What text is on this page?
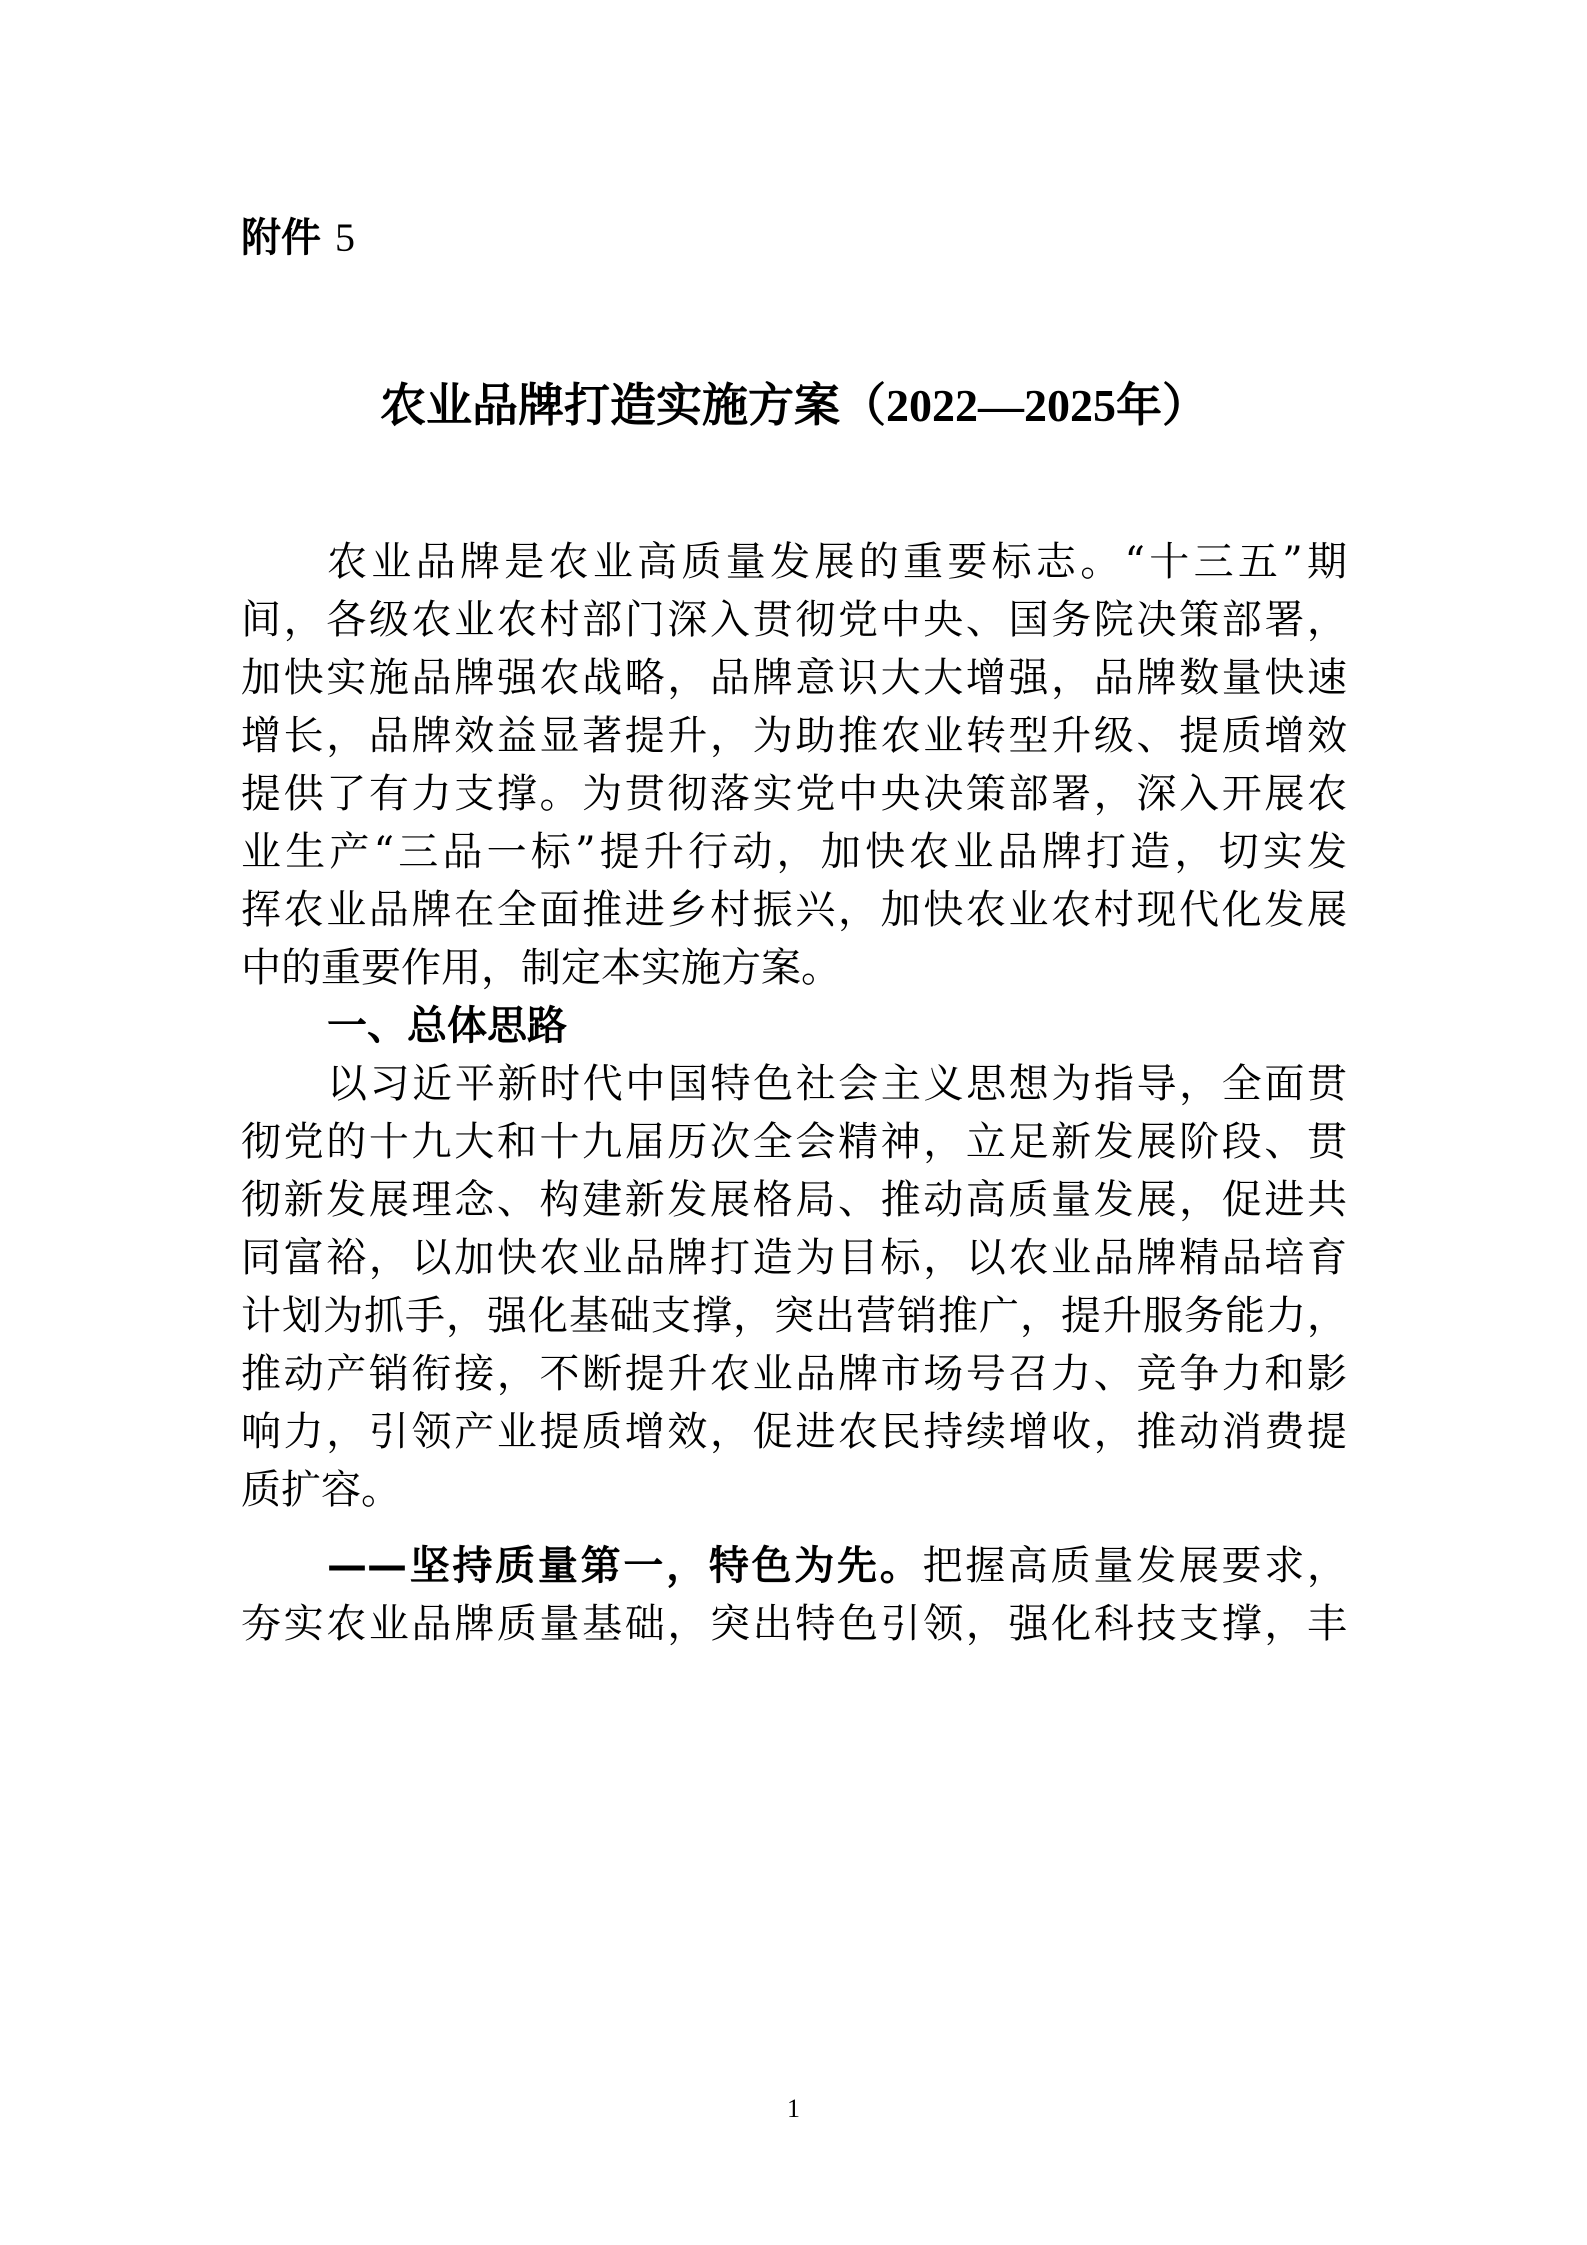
附件 5
农业品牌打造实施方案（2022—2025年）
农业品牌是农业高质量发展的重要标志。“十三五”期
间，各级农业农村部门深入贯彻党中央、国务院决策部署，
加快实施品牌强农战略，品牌意识大大增强，品牌数量快速
增长，品牌效益显著提升，为助推农业转型升级、提质增效
提供了有力支撑。为贯彻落实党中央决策部署，深入开展农
业生产“三品一标”提升行动，加快农业品牌打造，切实发
挥农业品牌在全面推进乡村振兴，加快农业农村现代化发展
中的重要作用，制定本实施方案。
一、总体思路
以习近平新时代中国特色社会主义思想为指导，全面贯
彻党的十九大和十九届历次全会精神，立足新发展阶段、贯
彻新发展理念、构建新发展格局、推动高质量发展，促进共
同富裕，以加快农业品牌打造为目标，以农业品牌精品培育
计划为抓手，强化基础支撑，突出营销推广，提升服务能力，
推动产销衔接，不断提升农业品牌市场号召力、竞争力和影
响力，引领产业提质增效，促进农民持续增收，推动消费提
质扩容。
——坚持质量第一，特色为先。把握高质量发展要求，
夯实农业品牌质量基础，突出特色引领，强化科技支撑，丰
1
